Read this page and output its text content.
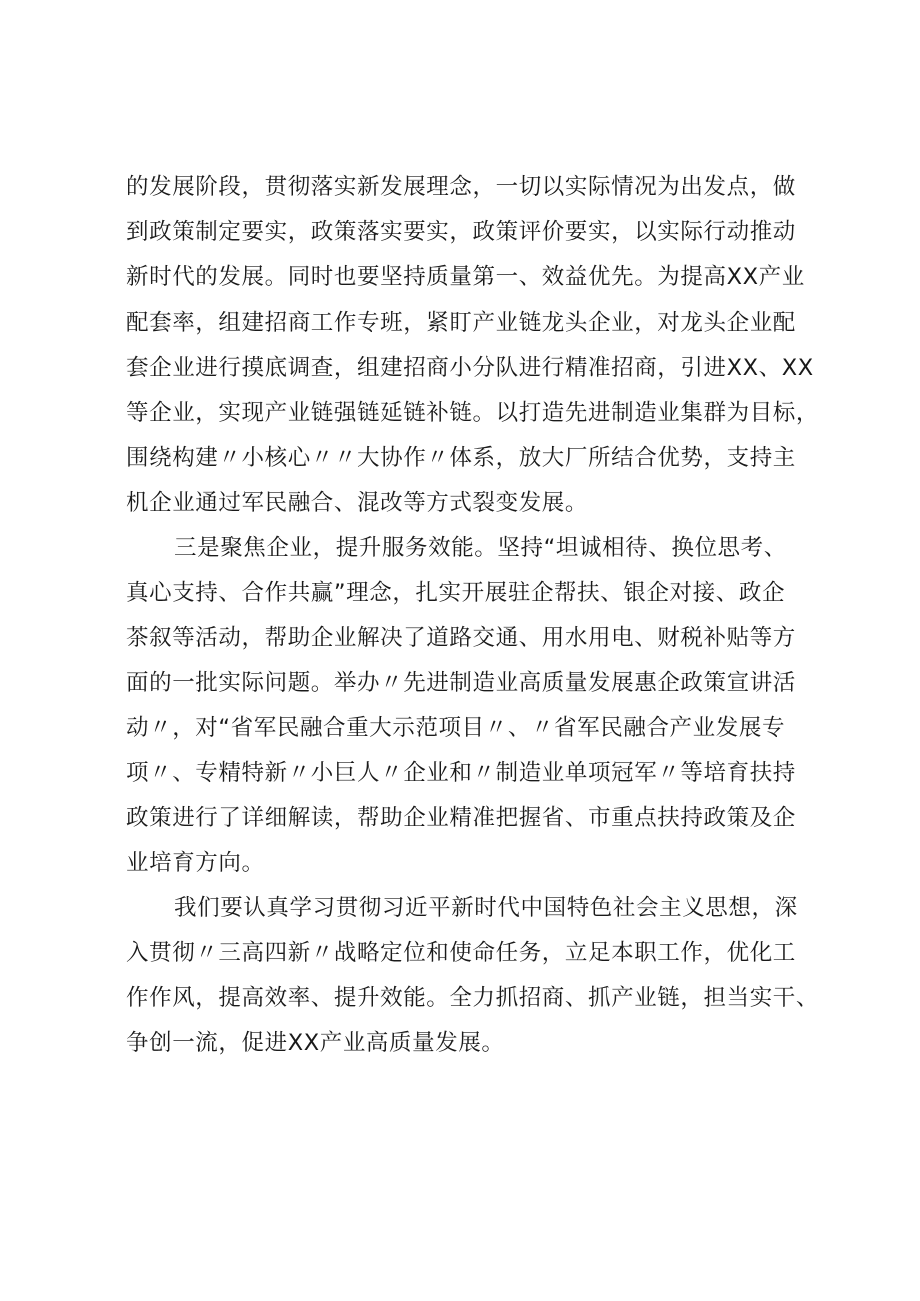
的发展阶段，贯彻落实新发展理念，一切以实际情况为出发点，做
到政策制定要实，政策落实要实，政策评价要实，以实际行动推动
新时代的发展。同时也要坚持质量第一、效益优先。为提高XX产业
配套率，组建招商工作专班，紧盯产业链龙头企业，对龙头企业配
套企业进行摸底调查，组建招商小分队进行精准招商，引进XX、XX
等企业，实现产业链强链延链补链。以打造先进制造业集群为目标，
围绕构建〃小核心〃〃大协作〃体系，放大厂所结合优势，支持主
机企业通过军民融合、混改等方式裂变发展。
三是聚焦企业，提升服务效能。坚持“坦诚相待、换位思考、
真心支持、合作共赢”理念，扎实开展驻企帮扶、银企对接、政企
茶叙等活动，帮助企业解决了道路交通、用水用电、财税补贴等方
面的一批实际问题。举办〃先进制造业高质量发展惠企政策宣讲活
动〃，对“省军民融合重大示范项目〃、〃省军民融合产业发展专
项〃、专精特新〃小巨人〃企业和〃制造业单项冠军〃等培育扶持
政策进行了详细解读，帮助企业精准把握省、市重点扶持政策及企
业培育方向。
我们要认真学习贯彻习近平新时代中国特色社会主义思想，深
入贯彻〃三高四新〃战略定位和使命任务，立足本职工作，优化工
作作风，提高效率、提升效能。全力抓招商、抓产业链，担当实干、
争创一流，促进XX产业高质量发展。
